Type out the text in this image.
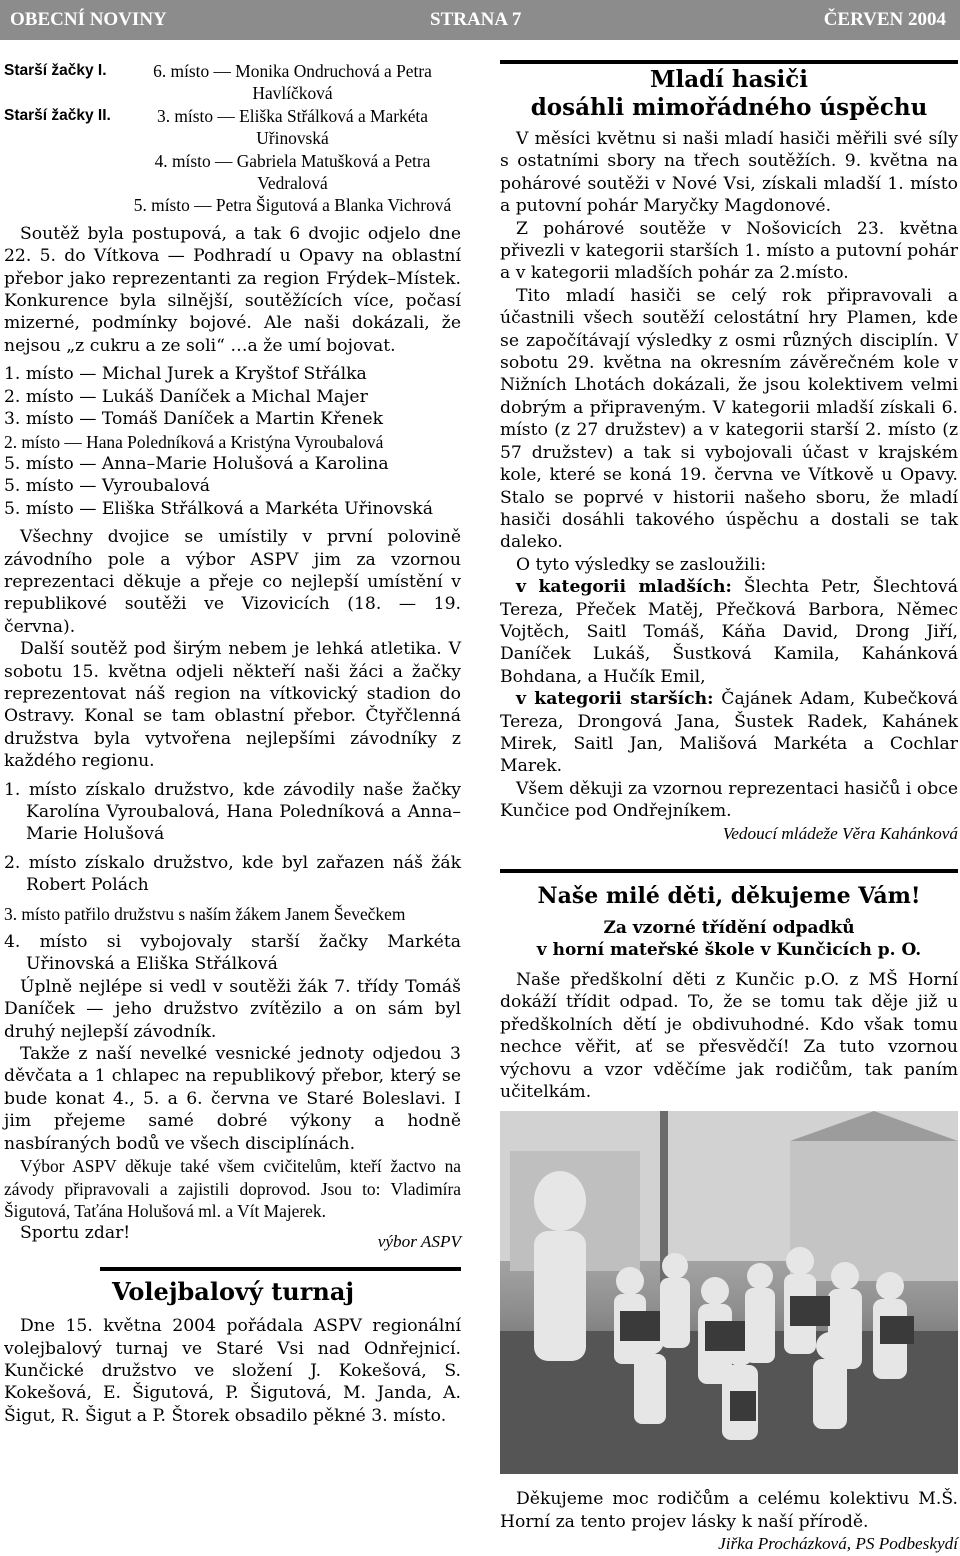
OBECNÍ NOVINY	STRANA 7	ČERVEN 2004
Starší žačky I.	6. místo — Monika Ondruchová a Petra Havlíčková
Starší žačky II.	3. místo — Eliška Střálková a Markéta Uřinovská
4. místo — Gabriela Matušková a Petra Vedralová
5. místo — Petra Šigutová a Blanka Vichrová

Soutěž byla postupová, a tak 6 dvojic odjelo dne 22. 5. do Vítkova — Podhradí u Opavy na oblastní přebor jako reprezentanti za region Frýdek–Místek. Konkurence byla silnější, soutěžících více, počasí mizerné, podmínky bojové. Ale naši dokázali, že nejsou „z cukru a ze soli“ …a že umí bojovat.

1. místo — Michal Jurek a Kryštof Střálka

2. místo — Lukáš Daníček a Michal Majer

3. místo — Tomáš Daníček a Martin Křenek

2. místo — Hana Poledníková a Kristýna Vyroubalová

5. místo — Anna–Marie Holušová a Karolina

5. místo — Vyroubalová

5. místo — Eliška Střálková a Markéta Uřinovská

Všechny dvojice se umístily v první polovině závodního pole a výbor ASPV jim za vzornou reprezentaci děkuje a přeje co nejlepší umístění v republikové soutěži ve Vizovicích (18. — 19. června).

Další soutěž pod širým nebem je lehká atletika. V sobotu 15. května odjeli někteří naši žáci a žačky reprezentovat náš region na vítkovický stadion do Ostravy. Konal se tam oblastní přebor. Čtyřčlenná družstva byla vytvořena nejlepšími závodníky z každého regionu.

1. místo získalo družstvo, kde závodily naše žačky Karolína Vyroubalová, Hana Poledníková a Anna–Marie Holušová

2. místo získalo družstvo, kde byl zařazen náš žák Robert Polách

3. místo patřilo družstvu s naším žákem Janem Ševečkem

4. místo si vybojovaly starší žačky Markéta Uřinovská a Eliška Střálková

Úplně nejlépe si vedl v soutěži žák 7. třídy Tomáš Daníček — jeho družstvo zvítězilo a on sám byl druhý nejlepší závodník.

Takže z naší nevelké vesnické jednoty odjedou 3 děvčata a 1 chlapec na republikový přebor, který se bude konat 4., 5. a 6. června ve Staré Boleslavi. I jim přejeme samé dobré výkony a hodně nasbíraných bodů ve všech disciplínách.

Výbor ASPV děkuje také všem cvičitelům, kteří žactvo na závody připravovali a zajistili doprovod. Jsou to: Vladimíra Šigutová, Taťána Holušová ml. a Vít Majerek.

Sportu zdar!	výbor ASPV

Volejbalový turnaj

Dne 15. května 2004 pořádala ASPV regionální volejbalový turnaj ve Staré Vsi nad Odnřejnicí. Kunčické družstvo ve složení J. Kokešová, S. Kokešová, E. Šigutová, P. Šigutová, M. Janda, A. Šigut, R. Šigut a P. Štorek obsadilo pěkné 3. místo.

Mladí hasiči
dosáhli mimořádného úspěchu

V měsíci květnu si naši mladí hasiči měřili své síly s ostatními sbory na třech soutěžích. 9. května na pohárové soutěži v Nové Vsi, získali mladší 1. místo a putovní pohár Maryčky Magdonové.

Z pohárové soutěže v Nošovicích 23. května přivezli v kategorii starších 1. místo a putovní pohár a v kategorii mladších pohár za 2.místo.

Tito mladí hasiči se celý rok připravovali a účastnili všech soutěží celostátní hry Plamen, kde se započítávají výsledky z osmi různých disciplín. V sobotu 29. května na okresním závěrečném kole v Nižních Lhotách dokázali, že jsou kolektivem velmi dobrým a připraveným. V kategorii mladší získali 6. místo (z 27 družstev) a v kategorii starší 2. místo (z 57 družstev) a tak si vybojovali účast v krajském kole, které se koná 19. června ve Vítkově u Opavy. Stalo se poprvé v historii našeho sboru, že mladí hasiči dosáhli takového úspěchu a dostali se tak daleko.

O tyto výsledky se zasloužili:

v kategorii mladších: Šlechta Petr, Šlechtová Tereza, Přeček Matěj, Přečková Barbora, Němec Vojtěch, Saitl Tomáš, Káňa David, Drong Jiří, Daníček Lukáš, Šustková Kamila, Kahánková Bohdana, a Hučík Emil,

v kategorii starších: Čajánek Adam, Kubečková Tereza, Drongová Jana, Šustek Radek, Kahánek Mirek, Saitl Jan, Mališová Markéta a Cochlar Marek.

Všem děkuji za vzornou reprezentaci hasičů i obce Kunčice pod Ondřejníkem.

Vedoucí mládeže Věra Kahánková

Naše milé děti, děkujeme Vám!
Za vzorné třídění odpadků
v horní mateřské škole v Kunčicích p. O.

Naše předškolní děti z Kunčic p.O. z MŠ Horní dokáží třídit odpad. To, že se tomu tak děje již u předškolních dětí je obdivuhodné. Kdo však tomu nechce věřit, ať se přesvědčí! Za tuto vzornou výchovu a vzor vděčíme jak rodičům, tak paním učitelkám.

Děkujeme moc rodičům a celému kolektivu M.Š. Horní za tento projev lásky k naší přírodě.

Jiřka Procházková, PS Podbeskydí
